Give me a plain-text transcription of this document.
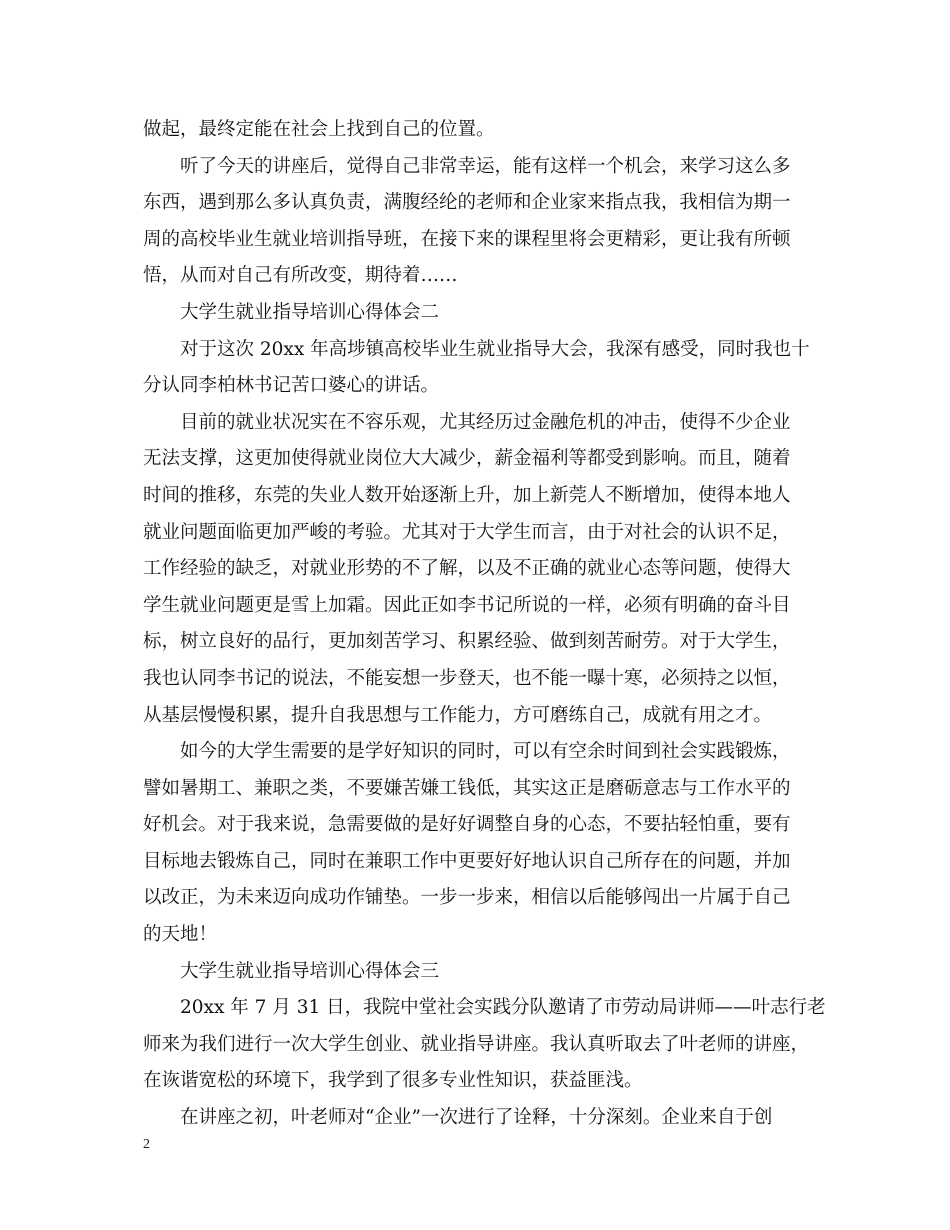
做起，最终定能在社会上找到自己的位置。
听了今天的讲座后，觉得自己非常幸运，能有这样一个机会，来学习这么多
东西，遇到那么多认真负责，满腹经纶的老师和企业家来指点我，我相信为期一
周的高校毕业生就业培训指导班，在接下来的课程里将会更精彩，更让我有所顿
悟，从而对自己有所改变，期待着……
大学生就业指导培训心得体会二
对于这次 20xx 年高埗镇高校毕业生就业指导大会，我深有感受，同时我也十
分认同李柏林书记苦口婆心的讲话。
目前的就业状况实在不容乐观，尤其经历过金融危机的冲击，使得不少企业
无法支撑，这更加使得就业岗位大大减少，薪金福利等都受到影响。而且，随着
时间的推移，东莞的失业人数开始逐渐上升，加上新莞人不断增加，使得本地人
就业问题面临更加严峻的考验。尤其对于大学生而言，由于对社会的认识不足，
工作经验的缺乏，对就业形势的不了解，以及不正确的就业心态等问题，使得大
学生就业问题更是雪上加霜。因此正如李书记所说的一样，必须有明确的奋斗目
标，树立良好的品行，更加刻苦学习、积累经验、做到刻苦耐劳。对于大学生，
我也认同李书记的说法，不能妄想一步登天，也不能一曝十寒，必须持之以恒，
从基层慢慢积累，提升自我思想与工作能力，方可磨练自己，成就有用之才。
如今的大学生需要的是学好知识的同时，可以有空余时间到社会实践锻炼，
譬如暑期工、兼职之类，不要嫌苦嫌工钱低，其实这正是磨砺意志与工作水平的
好机会。对于我来说，急需要做的是好好调整自身的心态，不要拈轻怕重，要有
目标地去锻炼自己，同时在兼职工作中更要好好地认识自己所存在的问题，并加
以改正，为未来迈向成功作铺垫。一步一步来，相信以后能够闯出一片属于自己
的天地！
大学生就业指导培训心得体会三
20xx 年 7 月 31 日，我院中堂社会实践分队邀请了市劳动局讲师——叶志行老
师来为我们进行一次大学生创业、就业指导讲座。我认真听取去了叶老师的讲座，
在诙谐宽松的环境下，我学到了很多专业性知识，获益匪浅。
在讲座之初，叶老师对“企业”一次进行了诠释，十分深刻。企业来自于创
2
